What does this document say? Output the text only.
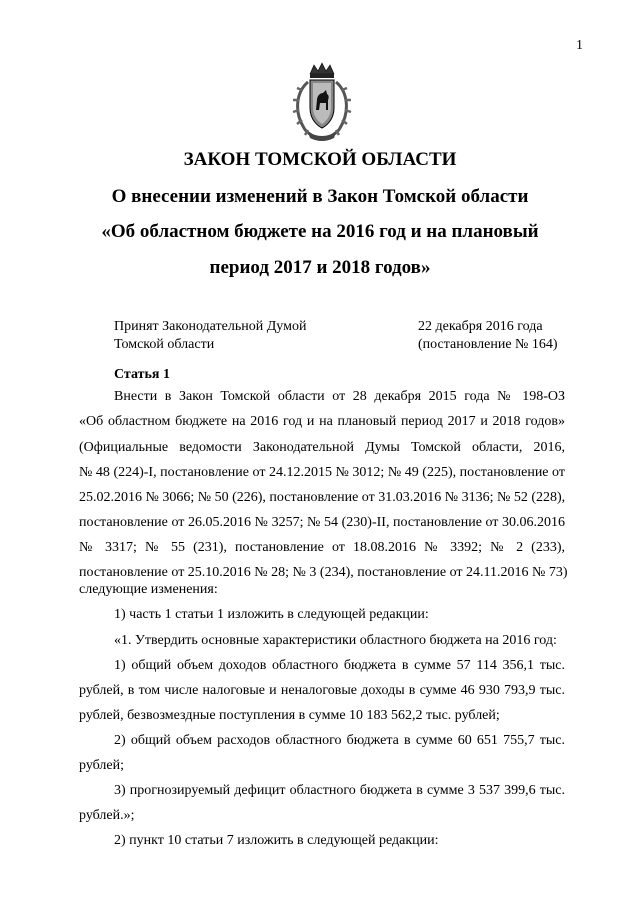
1
ЗАКОН ТОМСКОЙ ОБЛАСТИ
О внесении изменений в Закон Томской области
«Об областном бюджете на 2016 год и на плановый
период 2017 и 2018 годов»
Принят Законодательной Думой
Томской области
22 декабря 2016 года
(постановление № 164)
Статья 1
Внести в Закон Томской области от 28 декабря 2015 года № 198-ОЗ
«Об областном бюджете на 2016 год и на плановый период 2017 и 2018 годов»
(Официальные ведомости Законодательной Думы Томской области, 2016,
№ 48 (224)-I, постановление от 24.12.2015 № 3012; № 49 (225), постановление от
25.02.2016 № 3066; № 50 (226), постановление от 31.03.2016 № 3136; № 52 (228),
постановление от 26.05.2016 № 3257; № 54 (230)-II, постановление от 30.06.2016
№ 3317; № 55 (231), постановление от 18.08.2016 № 3392; № 2 (233),
постановление от 25.10.2016 № 28; № 3 (234), постановление от 24.11.2016 № 73)
следующие изменения:
1) часть 1 статьи 1 изложить в следующей редакции:
«1. Утвердить основные характеристики областного бюджета на 2016 год:
1) общий объем доходов областного бюджета в сумме 57 114 356,1 тыс.
рублей, в том числе налоговые и неналоговые доходы в сумме 46 930 793,9 тыс.
рублей, безвозмездные поступления в сумме 10 183 562,2 тыс. рублей;
2) общий объем расходов областного бюджета в сумме 60 651 755,7 тыс.
рублей;
3) прогнозируемый дефицит областного бюджета в сумме 3 537 399,6 тыс.
рублей.»;
2) пункт 10 статьи 7 изложить в следующей редакции:
